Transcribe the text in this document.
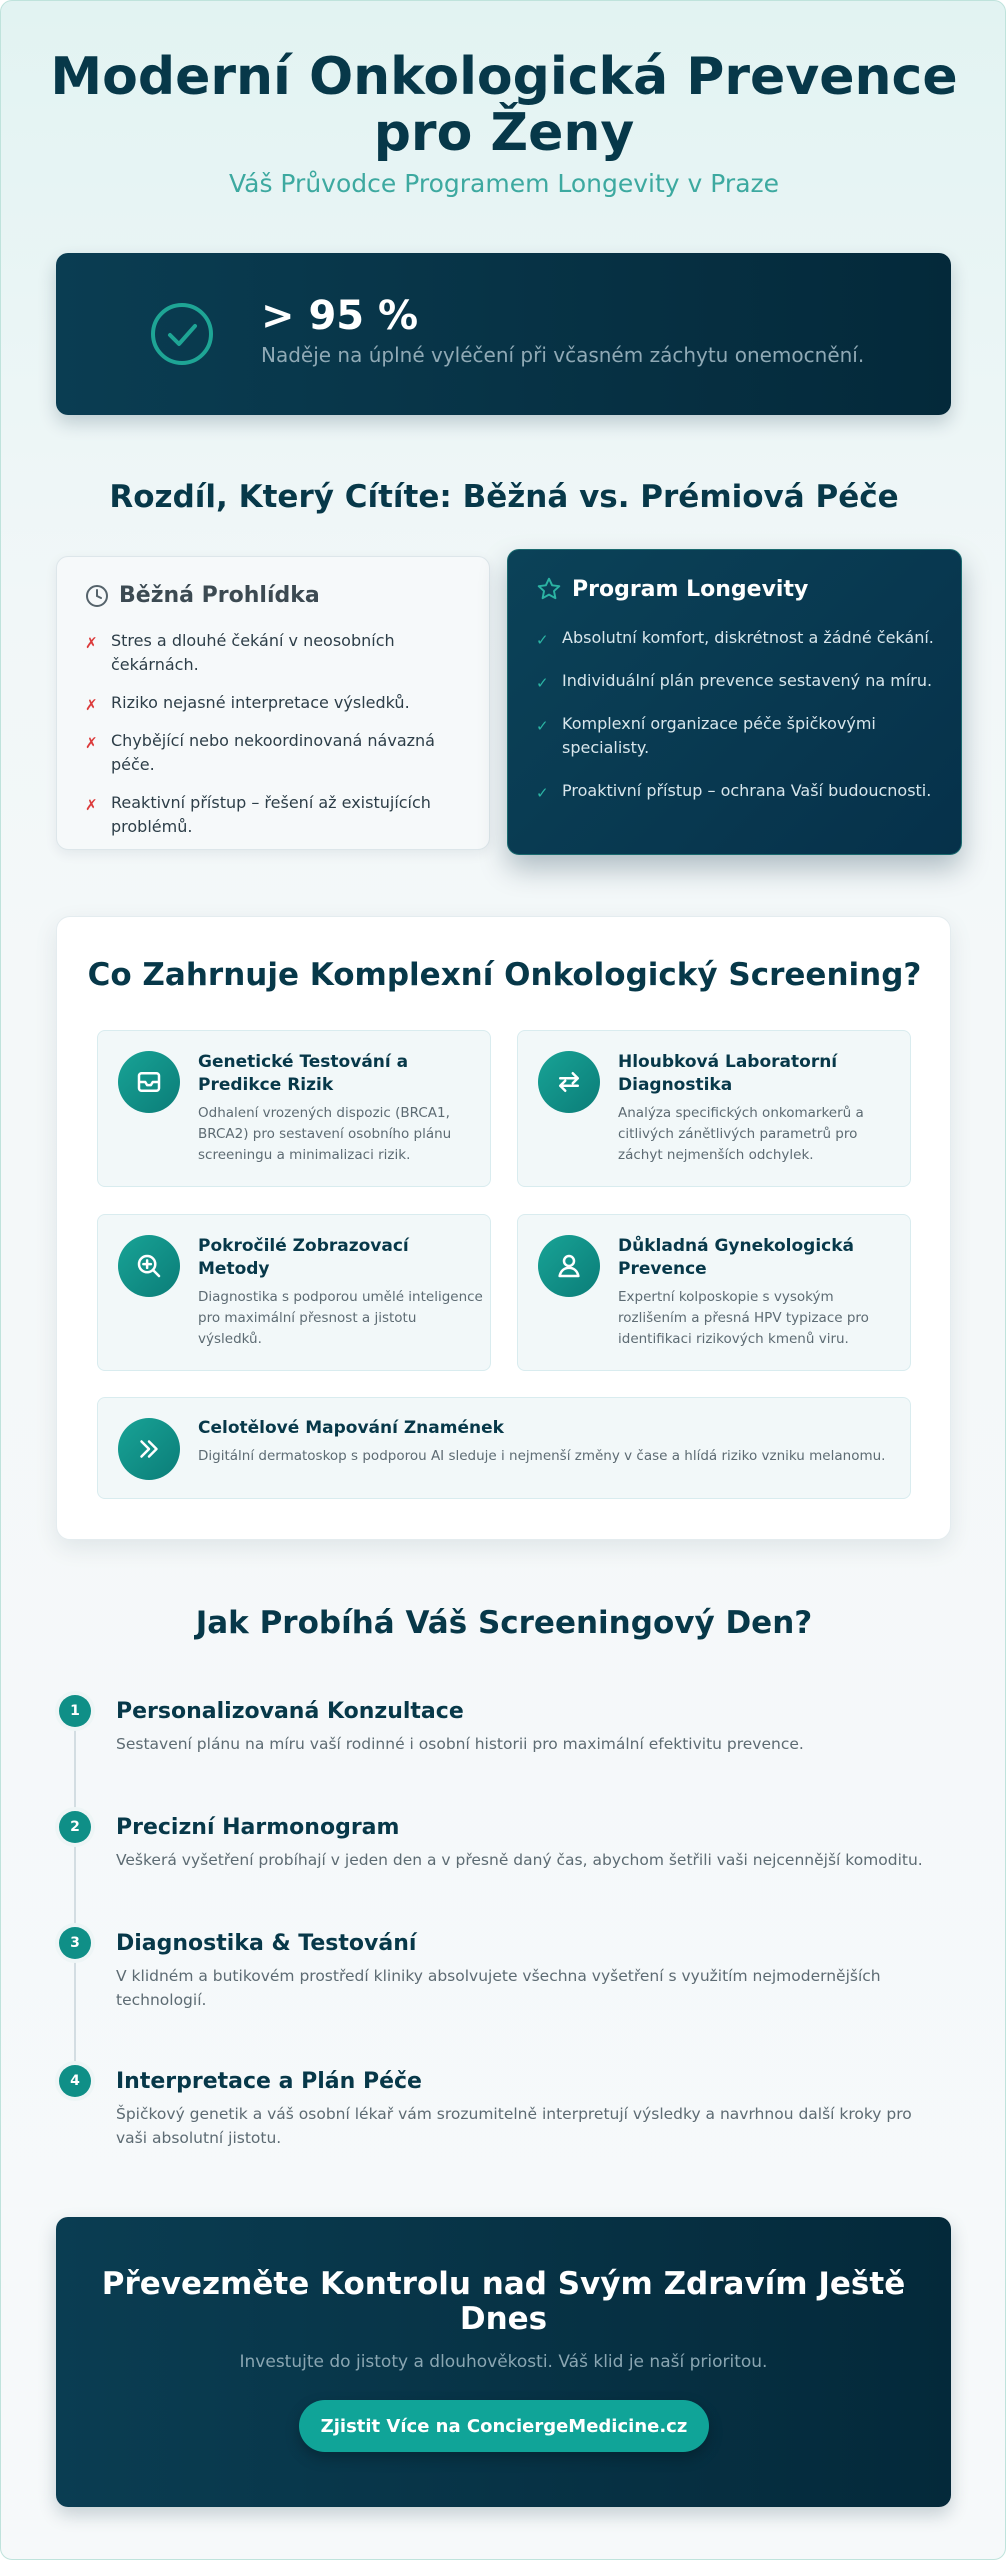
Moderní Onkologická Prevence
pro Ženy
Váš Průvodce Programem Longevity v Praze
> 95 %
Naděje na úplné vyléčení při včasném záchytu onemocnění.
Rozdíl, Který Cítíte: Běžná vs. Prémiová Péče
Běžná Prohlídka
✗ Stres a dlouhé čekání v neosobních čekárnách.
✗ Riziko nejasné interpretace výsledků.
✗ Chybějící nebo nekoordinovaná návazná péče.
✗ Reaktivní přístup – řešení až existujících problémů.
Program Longevity
✓ Absolutní komfort, diskrétnost a žádné čekání.
✓ Individuální plán prevence sestavený na míru.
✓ Komplexní organizace péče špičkovými specialisty.
✓ Proaktivní přístup – ochrana Vaší budoucnosti.
Co Zahrnuje Komplexní Onkologický Screening?
Genetické Testování a Predikce Rizik
Odhalení vrozených dispozic (BRCA1, BRCA2) pro sestavení osobního plánu screeningu a minimalizaci rizik.
Hloubková Laboratorní Diagnostika
Analýza specifických onkomarkerů a citlivých zánětlivých parametrů pro záchyt nejmenších odchylek.
Pokročilé Zobrazovací Metody
Diagnostika s podporou umělé inteligence pro maximální přesnost a jistotu výsledků.
Důkladná Gynekologická Prevence
Expertní kolposkopie s vysokým rozlišením a přesná HPV typizace pro identifikaci rizikových kmenů viru.
Celotělové Mapování Znamének
Digitální dermatoskop s podporou AI sleduje i nejmenší změny v čase a hlídá riziko vzniku melanomu.
Jak Probíhá Váš Screeningový Den?
1	Personalizovaná Konzultace
Sestavení plánu na míru vaší rodinné i osobní historii pro maximální efektivitu prevence.
2	Precizní Harmonogram
Veškerá vyšetření probíhají v jeden den a v přesně daný čas, abychom šetřili vaši nejcennější komoditu.
3	Diagnostika & Testování
V klidném a butikovém prostředí kliniky absolvujete všechna vyšetření s využitím nejmodernějších technologií.
4	Interpretace a Plán Péče
Špičkový genetik a váš osobní lékař vám srozumitelně interpretují výsledky a navrhnou další kroky pro vaši absolutní jistotu.
Převezměte Kontrolu nad Svým Zdravím Ještě Dnes
Investujte do jistoty a dlouhověkosti. Váš klid je naší prioritou.
Zjistit Více na ConciergeMedicine.cz
